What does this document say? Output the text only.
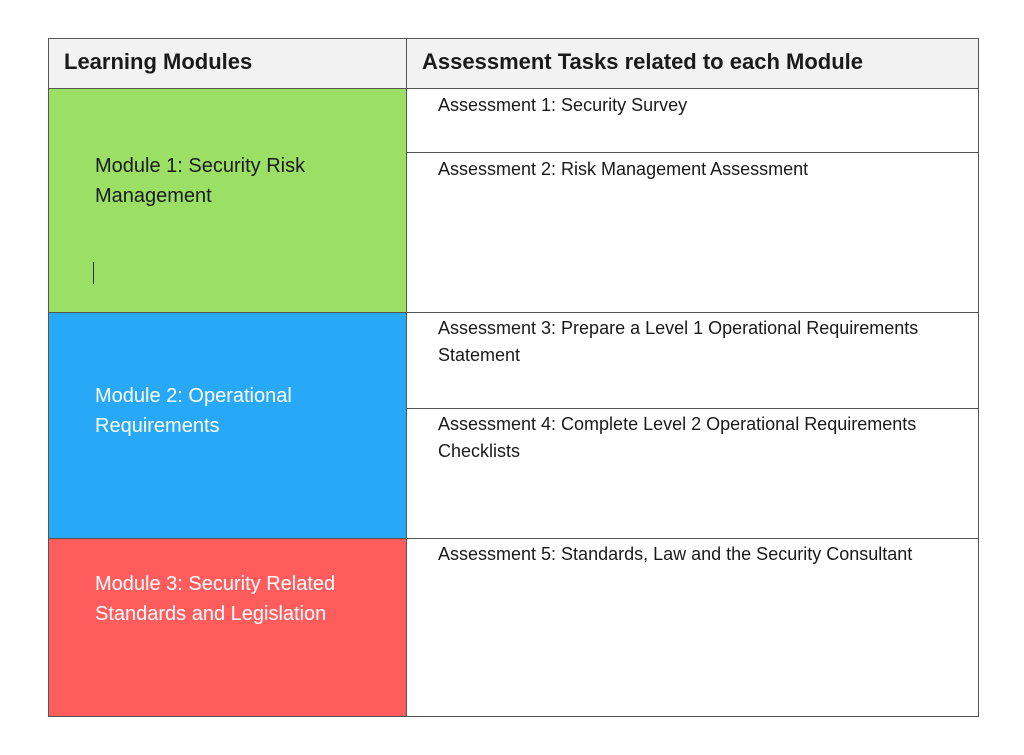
Learning Modules	Assessment Tasks related to each Module
Module 1: Security Risk Management
Module 2: Operational Requirements
Module 3: Security Related Standards and Legislation
Assessment 1: Security Survey
Assessment 2: Risk Management Assessment
Assessment 3: Prepare a Level 1 Operational Requirements Statement
Assessment 4: Complete Level 2 Operational Requirements Checklists
Assessment 5: Standards, Law and the Security Consultant
